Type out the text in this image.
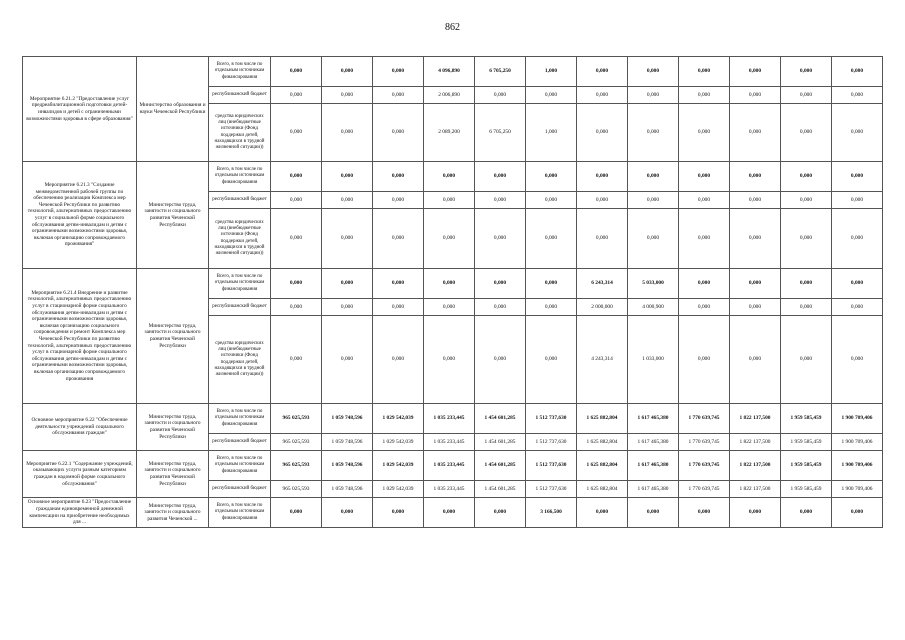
862
Мероприятие 6.21.2 "Предоставление услуг предреабилитационной подготовки детей-инвалидов и детей с ограниченными возможностями здоровья в сфере образования"	Министерство образования и науки Чеченской Республики	Всего, в том числе по отдельным источникам финансирования	0,000	0,000	0,000	4 096,890	6 705,250	1,000	0,000	0,000	0,000	0,000	0,000	0,000
		республиканский бюджет	0,000	0,000	0,000	2 006,890	0,000	0,000	0,000	0,000	0,000	0,000	0,000	0,000
		средства юридических лиц (внебюджетные источники (Фонд поддержки детей, находящихся в трудной жизненной ситуации))	0,000	0,000	0,000	2 089,200	6 705,250	1,000	0,000	0,000	0,000	0,000	0,000	0,000
Мероприятие 6.21.3 "Создание межведомственной рабочей группы по обеспечению реализации Комплекса мер Чеченской Республики по развитию технологий, альтернативных предоставлению услуг в социальной форме социального обслуживания детям-инвалидам и детям с ограниченными возможностями здоровья, включая организацию сопровождаемого проживания"	Министерство труда, занятости и социального развития Чеченской Республики	Всего, в том числе по отдельным источникам финансирования	0,000	0,000	0,000	0,000	0,000	0,000	0,000	0,000	0,000	0,000	0,000	0,000
		республиканский бюджет	0,000	0,000	0,000	0,000	0,000	0,000	0,000	0,000	0,000	0,000	0,000	0,000
		средства юридических лиц (внебюджетные источники (Фонд поддержки детей, находящихся в трудной жизненной ситуации))	0,000	0,000	0,000	0,000	0,000	0,000	0,000	0,000	0,000	0,000	0,000	0,000
Мероприятие 6.21.4 Внедрение и развитие технологий, альтернативных предоставлению услуг в стационарной форме социального обслуживания детям-инвалидам и детям с ограниченными возможностями здоровья, включая организацию социального сопровождения и ремонт Комплекса мер Чеченской Республики по развитию технологий, альтернативных предоставлению услуг в стационарной форме социального обслуживания детям-инвалидам и детям с ограниченными возможностями здоровья, включая организацию сопровождаемого проживания	Министерство труда, занятости и социального развития Чеченской Республики	Всего, в том числе по отдельным источникам финансирования	0,000	0,000	0,000	0,000	0,000	0,000	6 243,314	5 033,000	0,000	0,000	0,000	0,000
		республиканский бюджет	0,000	0,000	0,000	0,000	0,000	0,000	2 000,000	4 000,900	0,000	0,000	0,000	0,000
		средства юридических лиц (внебюджетные источники (Фонд поддержки детей, находящихся в трудной жизненной ситуации))	0,000	0,000	0,000	0,000	0,000	0,000	4 243,314	1 033,000	0,000	0,000	0,000	0,000
Основное мероприятие 6.22 "Обеспечение деятельности учреждений социального обслуживания граждан"	Министерство труда, занятости и социального развития Чеченской Республики	Всего, в том числе по отдельным источникам финансирования	965 025,593	1 059 748,596	1 029 542,039	1 035 233,445	1 454 601,285	1 512 737,630	1 625 882,804	1 617 465,380	1 770 639,745	1 822 137,500	1 959 585,459	1 900 709,406
		республиканский бюджет	965 025,593	1 059 748,596	1 029 542,039	1 035 233,445	1 454 601,285	1 512 737,630	1 625 882,804	1 617 465,380	1 770 639,745	1 822 137,500	1 959 585,459	1 900 709,406
Мероприятие 6.22.1 "Содержание учреждений, оказывающих услуги разным категориям граждан в надомной форме социального обслуживания"	Министерство труда, занятости и социального развития Чеченской Республики	Всего, в том числе по отдельным источникам финансирования	965 025,593	1 059 748,596	1 029 542,039	1 035 233,445	1 454 601,285	1 512 737,630	1 625 882,804	1 617 465,380	1 770 639,745	1 822 137,500	1 959 585,459	1 900 709,406
		республиканский бюджет	965 025,593	1 059 748,596	1 029 542,039	1 035 233,445	1 454 601,285	1 512 737,630	1 625 882,804	1 617 465,380	1 770 639,745	1 822 137,500	1 959 585,459	1 900 709,406
Основное мероприятие 6.23 "Предоставление гражданам единовременной денежной компенсации на приобретение необходимых для ...	Министерство труда, занятости и социального развития Чеченской ...	Всего, в том числе по отдельным источникам финансирования	0,000	0,000	0,000	0,000	0,000	3 166,500	0,000	0,000	0,000	0,000	0,000	0,000
